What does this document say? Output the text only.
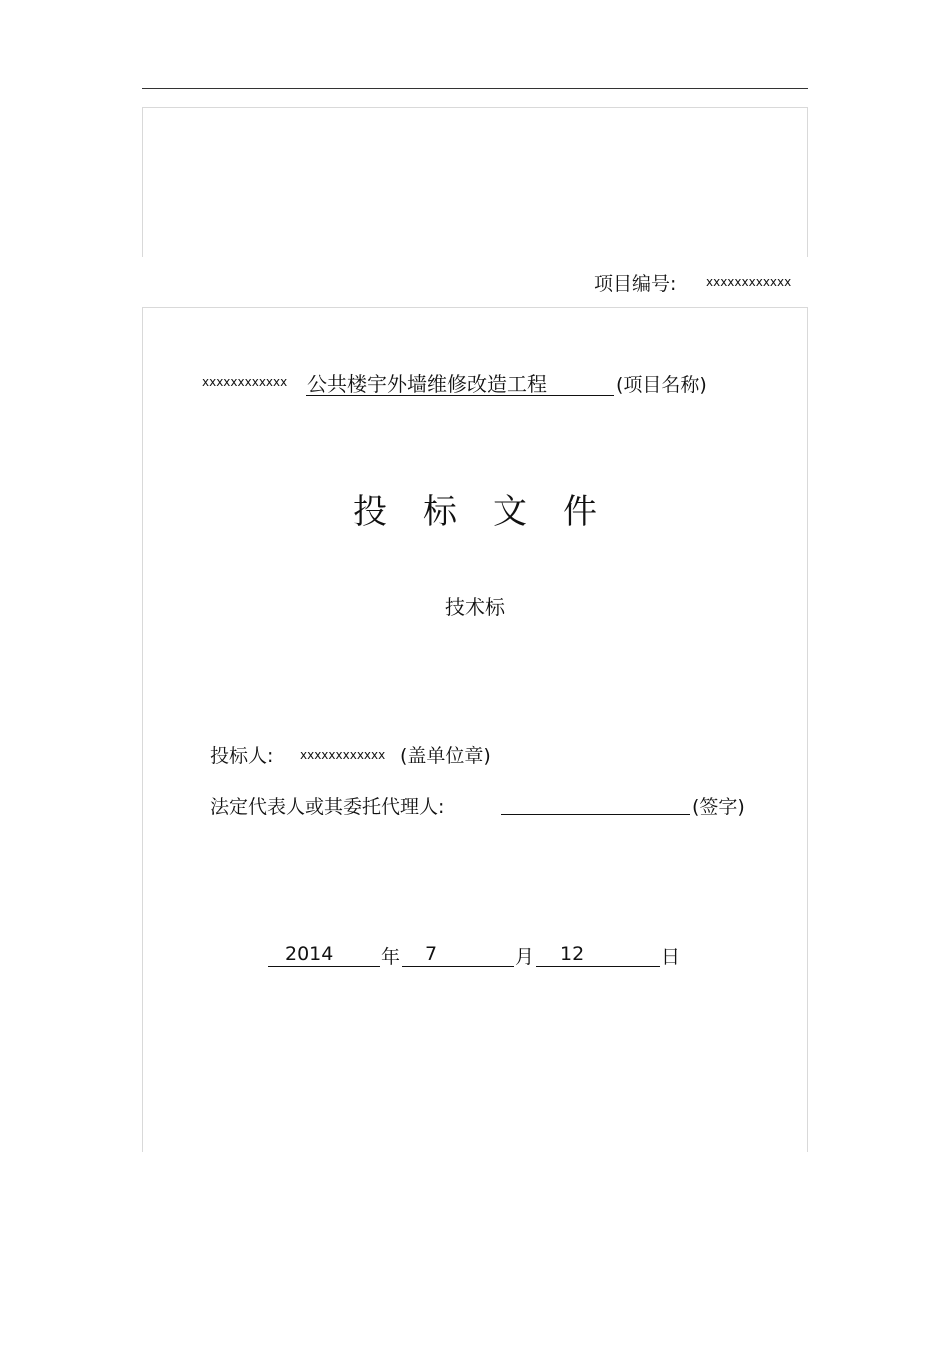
项目编号: xxxxxxxxxxxx
xxxxxxxxxxxx 公共楼宇外墙维修改造工程	(项目名称)
投标文件
技术标
投标人: xxxxxxxxxxxx (盖单位章)
法定代表人或其委托代理人:	(签字)
2014	年	7	月	12	日
